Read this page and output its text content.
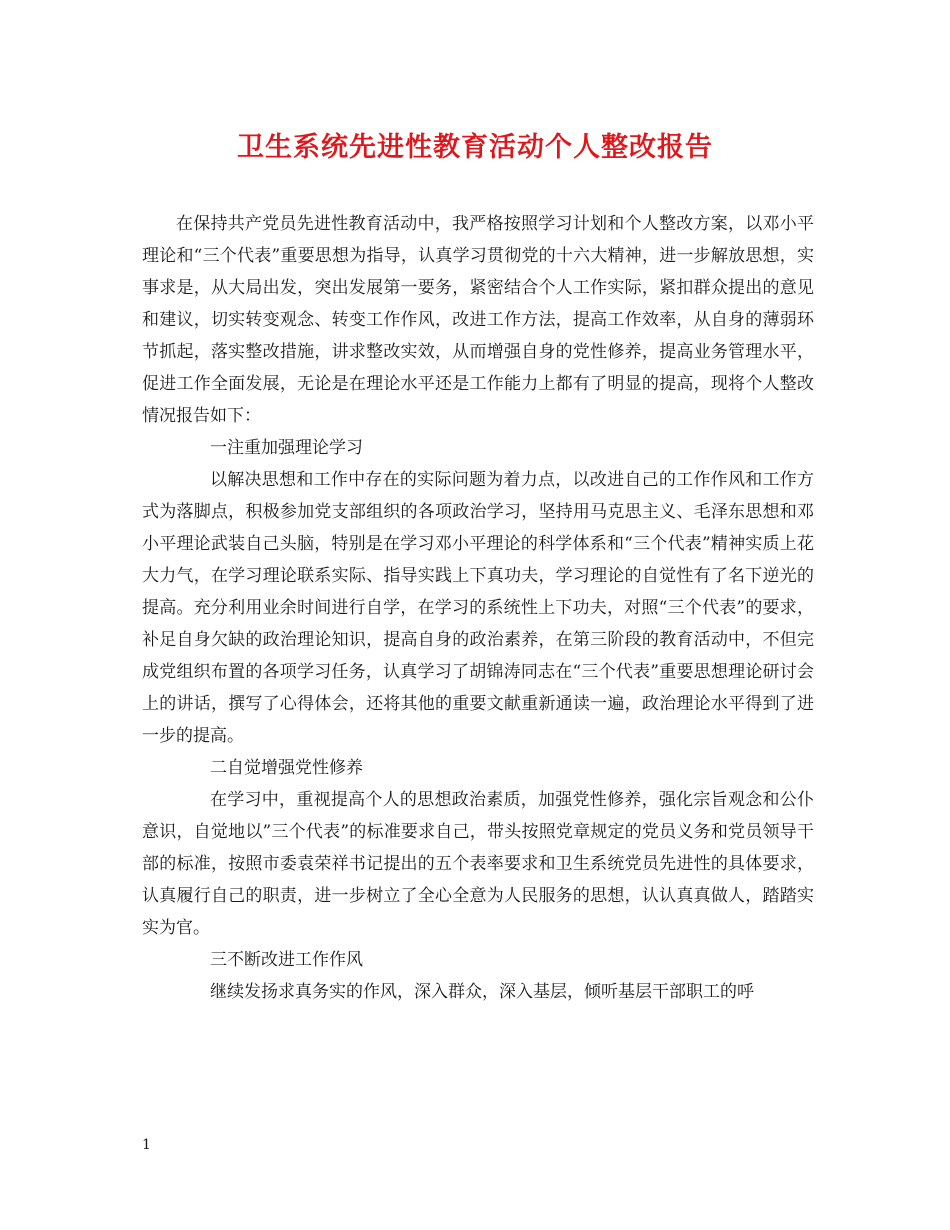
卫生系统先进性教育活动个人整改报告

在保持共产党员先进性教育活动中，我严格按照学习计划和个人整改方案，以邓小平理论和“三个代表”重要思想为指导，认真学习贯彻党的十六大精神，进一步解放思想，实事求是，从大局出发，突出发展第一要务，紧密结合个人工作实际，紧扣群众提出的意见和建议，切实转变观念、转变工作作风，改进工作方法，提高工作效率，从自身的薄弱环节抓起，落实整改措施，讲求整改实效，从而增强自身的党性修养，提高业务管理水平，促进工作全面发展，无论是在理论水平还是工作能力上都有了明显的提高，现将个人整改情况报告如下：

一注重加强理论学习

以解决思想和工作中存在的实际问题为着力点，以改进自己的工作作风和工作方式为落脚点，积极参加党支部组织的各项政治学习，坚持用马克思主义、毛泽东思想和邓小平理论武装自己头脑，特别是在学习邓小平理论的科学体系和“三个代表”精神实质上花大力气，在学习理论联系实际、指导实践上下真功夫，学习理论的自觉性有了名下逆光的提高。充分利用业余时间进行自学，在学习的系统性上下功夫，对照“三个代表”的要求，补足自身欠缺的政治理论知识，提高自身的政治素养，在第三阶段的教育活动中，不但完成党组织布置的各项学习任务，认真学习了胡锦涛同志在“三个代表”重要思想理论研讨会上的讲话，撰写了心得体会，还将其他的重要文献重新通读一遍，政治理论水平得到了进一步的提高。

二自觉增强党性修养

在学习中，重视提高个人的思想政治素质，加强党性修养，强化宗旨观念和公仆意识，自觉地以”三个代表”的标准要求自己，带头按照党章规定的党员义务和党员领导干部的标准，按照市委袁荣祥书记提出的五个表率要求和卫生系统党员先进性的具体要求，认真履行自己的职责，进一步树立了全心全意为人民服务的思想，认认真真做人，踏踏实实为官。

三不断改进工作作风

继续发扬求真务实的作风，深入群众，深入基层，倾听基层干部职工的呼

1
